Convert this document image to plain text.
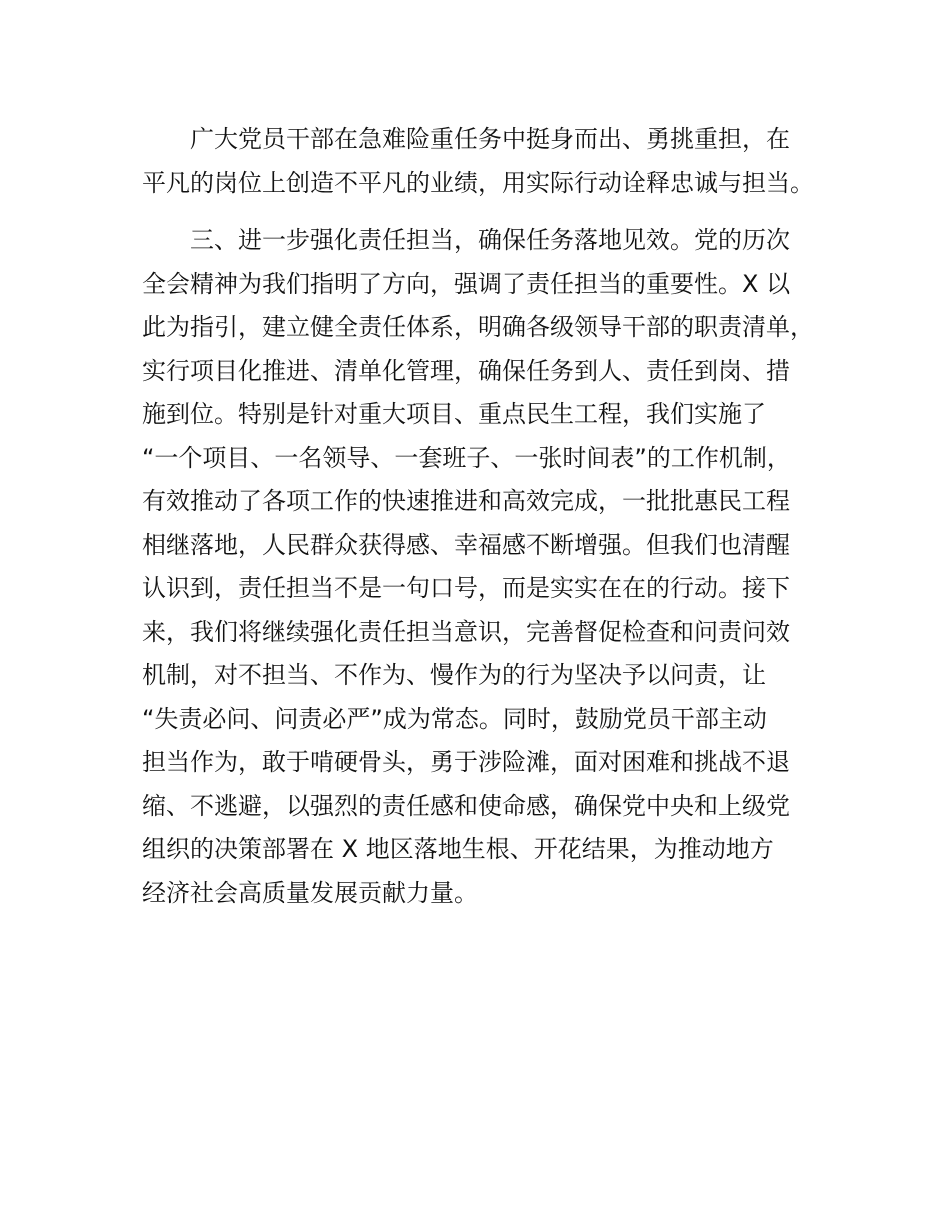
广大党员干部在急难险重任务中挺身而出、勇挑重担，在
平凡的岗位上创造不平凡的业绩，用实际行动诠释忠诚与担当。
三、进一步强化责任担当，确保任务落地见效。党的历次
全会精神为我们指明了方向，强调了责任担当的重要性。X 以
此为指引，建立健全责任体系，明确各级领导干部的职责清单，
实行项目化推进、清单化管理，确保任务到人、责任到岗、措
施到位。特别是针对重大项目、重点民生工程，我们实施了
“一个项目、一名领导、一套班子、一张时间表”的工作机制，
有效推动了各项工作的快速推进和高效完成，一批批惠民工程
相继落地，人民群众获得感、幸福感不断增强。但我们也清醒
认识到，责任担当不是一句口号，而是实实在在的行动。接下
来，我们将继续强化责任担当意识，完善督促检查和问责问效
机制，对不担当、不作为、慢作为的行为坚决予以问责，让
“失责必问、问责必严”成为常态。同时，鼓励党员干部主动
担当作为，敢于啃硬骨头，勇于涉险滩，面对困难和挑战不退
缩、不逃避，以强烈的责任感和使命感，确保党中央和上级党
组织的决策部署在 X 地区落地生根、开花结果，为推动地方
经济社会高质量发展贡献力量。
